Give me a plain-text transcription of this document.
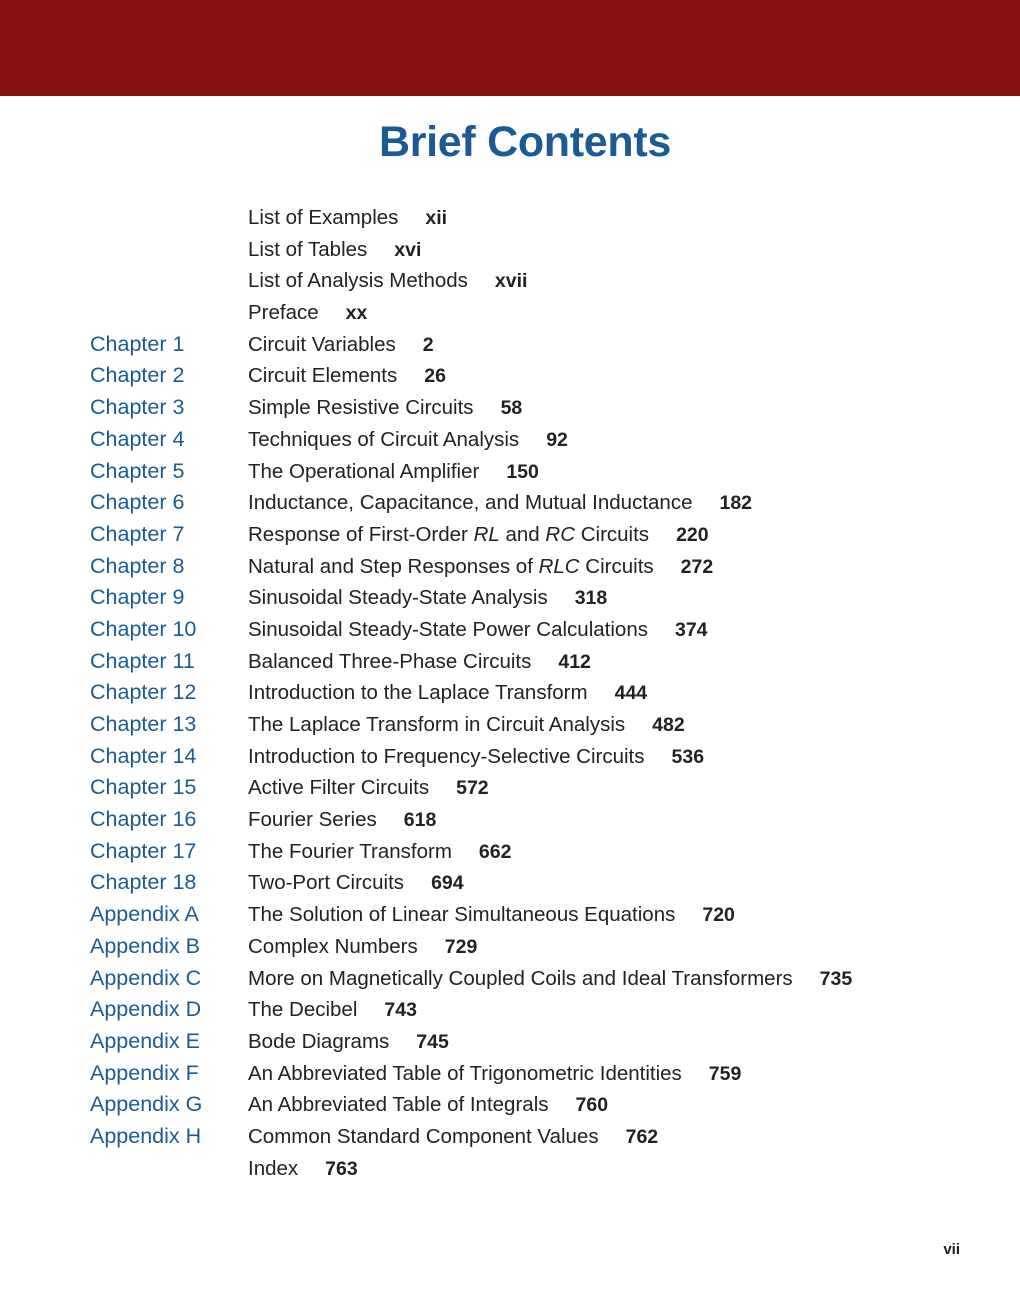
Brief Contents
List of Examples xii
List of Tables xvi
List of Analysis Methods xvii
Preface xx
Chapter 1	Circuit Variables 2
Chapter 2	Circuit Elements 26
Chapter 3	Simple Resistive Circuits 58
Chapter 4	Techniques of Circuit Analysis 92
Chapter 5	The Operational Amplifier 150
Chapter 6	Inductance, Capacitance, and Mutual Inductance 182
Chapter 7	Response of First-Order RL and RC Circuits 220
Chapter 8	Natural and Step Responses of RLC Circuits 272
Chapter 9	Sinusoidal Steady-State Analysis 318
Chapter 10	Sinusoidal Steady-State Power Calculations 374
Chapter 11	Balanced Three-Phase Circuits 412
Chapter 12	Introduction to the Laplace Transform 444
Chapter 13	The Laplace Transform in Circuit Analysis 482
Chapter 14	Introduction to Frequency-Selective Circuits 536
Chapter 15	Active Filter Circuits 572
Chapter 16	Fourier Series 618
Chapter 17	The Fourier Transform 662
Chapter 18	Two-Port Circuits 694
Appendix A The Solution of Linear Simultaneous Equations 720
Appendix B Complex Numbers 729
Appendix C More on Magnetically Coupled Coils and Ideal Transformers 735
Appendix D The Decibel 743
Appendix E Bode Diagrams 745
Appendix F An Abbreviated Table of Trigonometric Identities 759
Appendix G An Abbreviated Table of Integrals 760
Appendix H Common Standard Component Values 762
Index 763
vii
